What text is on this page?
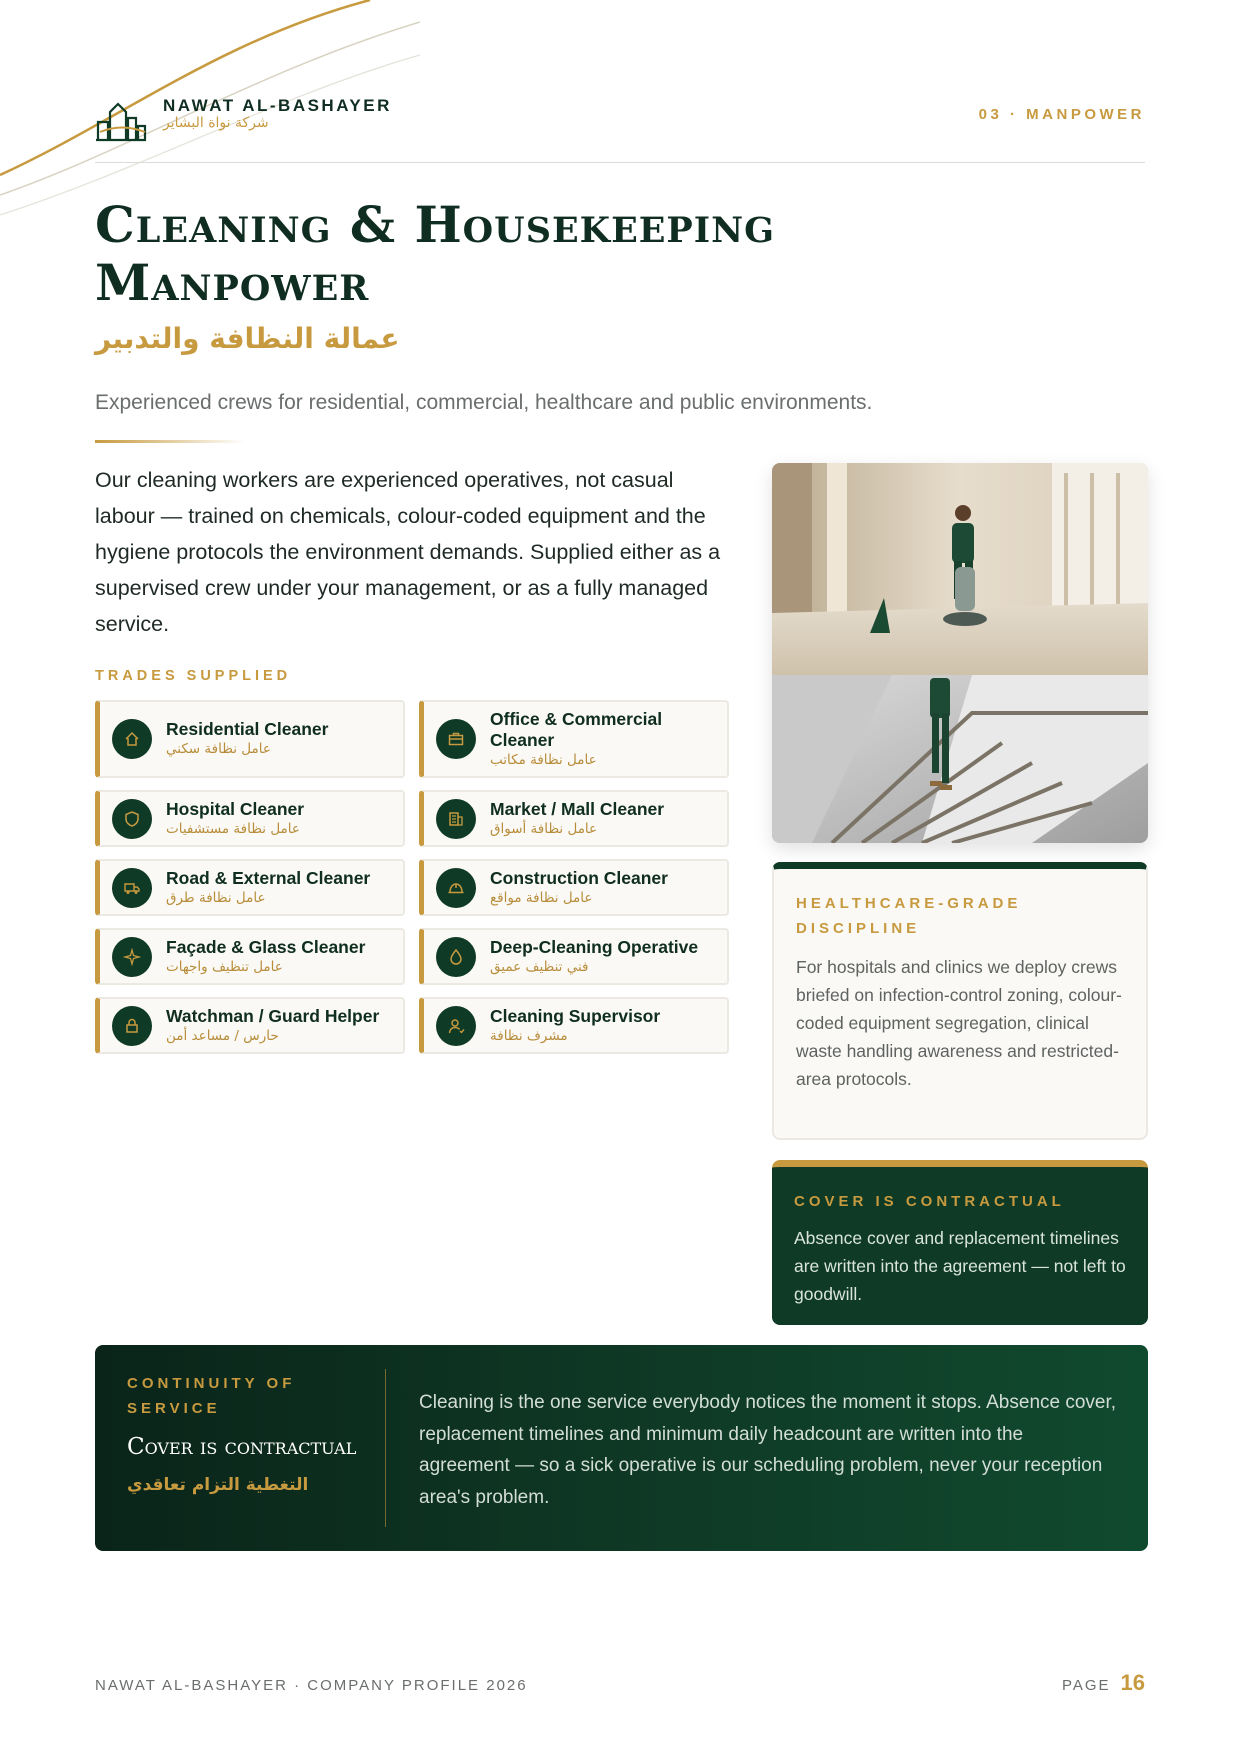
NAWAT AL-BASHAYER
شركة نواة البشاير	03 · MANPOWER
Cleaning & Housekeeping Manpower
عمالة النظافة والتدبير
Experienced crews for residential, commercial, healthcare and public environments.

Our cleaning workers are experienced operatives, not casual labour — trained on chemicals, colour-coded equipment and the hygiene protocols the environment demands. Supplied either as a supervised crew under your management, or as a fully managed service.

TRADES SUPPLIED
Residential Cleaner
عامل نظافة سكني
Office & Commercial Cleaner
عامل نظافة مكاتب
Hospital Cleaner
عامل نظافة مستشفيات
Market / Mall Cleaner
عامل نظافة أسواق
Road & External Cleaner
عامل نظافة طرق
Construction Cleaner
عامل نظافة مواقع
Façade & Glass Cleaner
عامل تنظيف واجهات
Deep-Cleaning Operative
فني تنظيف عميق
Watchman / Guard Helper
حارس / مساعد أمن
Cleaning Supervisor
مشرف نظافة
HEALTHCARE-GRADE DISCIPLINE
For hospitals and clinics we deploy crews briefed on infection-control zoning, colour-coded equipment segregation, clinical waste handling awareness and restricted-area protocols.
COVER IS CONTRACTUAL
Absence cover and replacement timelines are written into the agreement — not left to goodwill.
CONTINUITY OF SERVICE
Cover is contractual
التغطية التزام تعاقدي
Cleaning is the one service everybody notices the moment it stops. Absence cover, replacement timelines and minimum daily headcount are written into the agreement — so a sick operative is our scheduling problem, never your reception area's problem.
NAWAT AL-BASHAYER · COMPANY PROFILE 2026	PAGE 16
